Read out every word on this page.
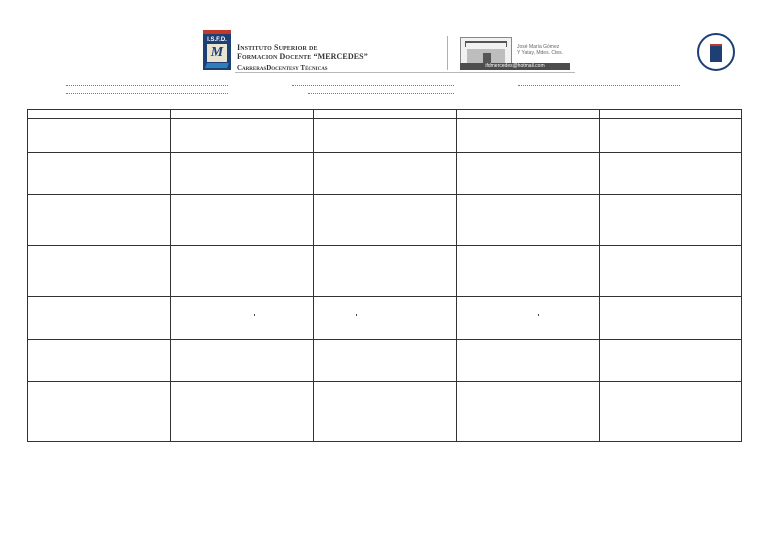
I.S.F.D.
M	Instituto Superior de
Formacion Docente “MERCEDES”
CarrerasDocentesy Técnicas
José María Gómez
Y Yatay, Mdes. Ctes.
ifdmercedes@hotmail.com
